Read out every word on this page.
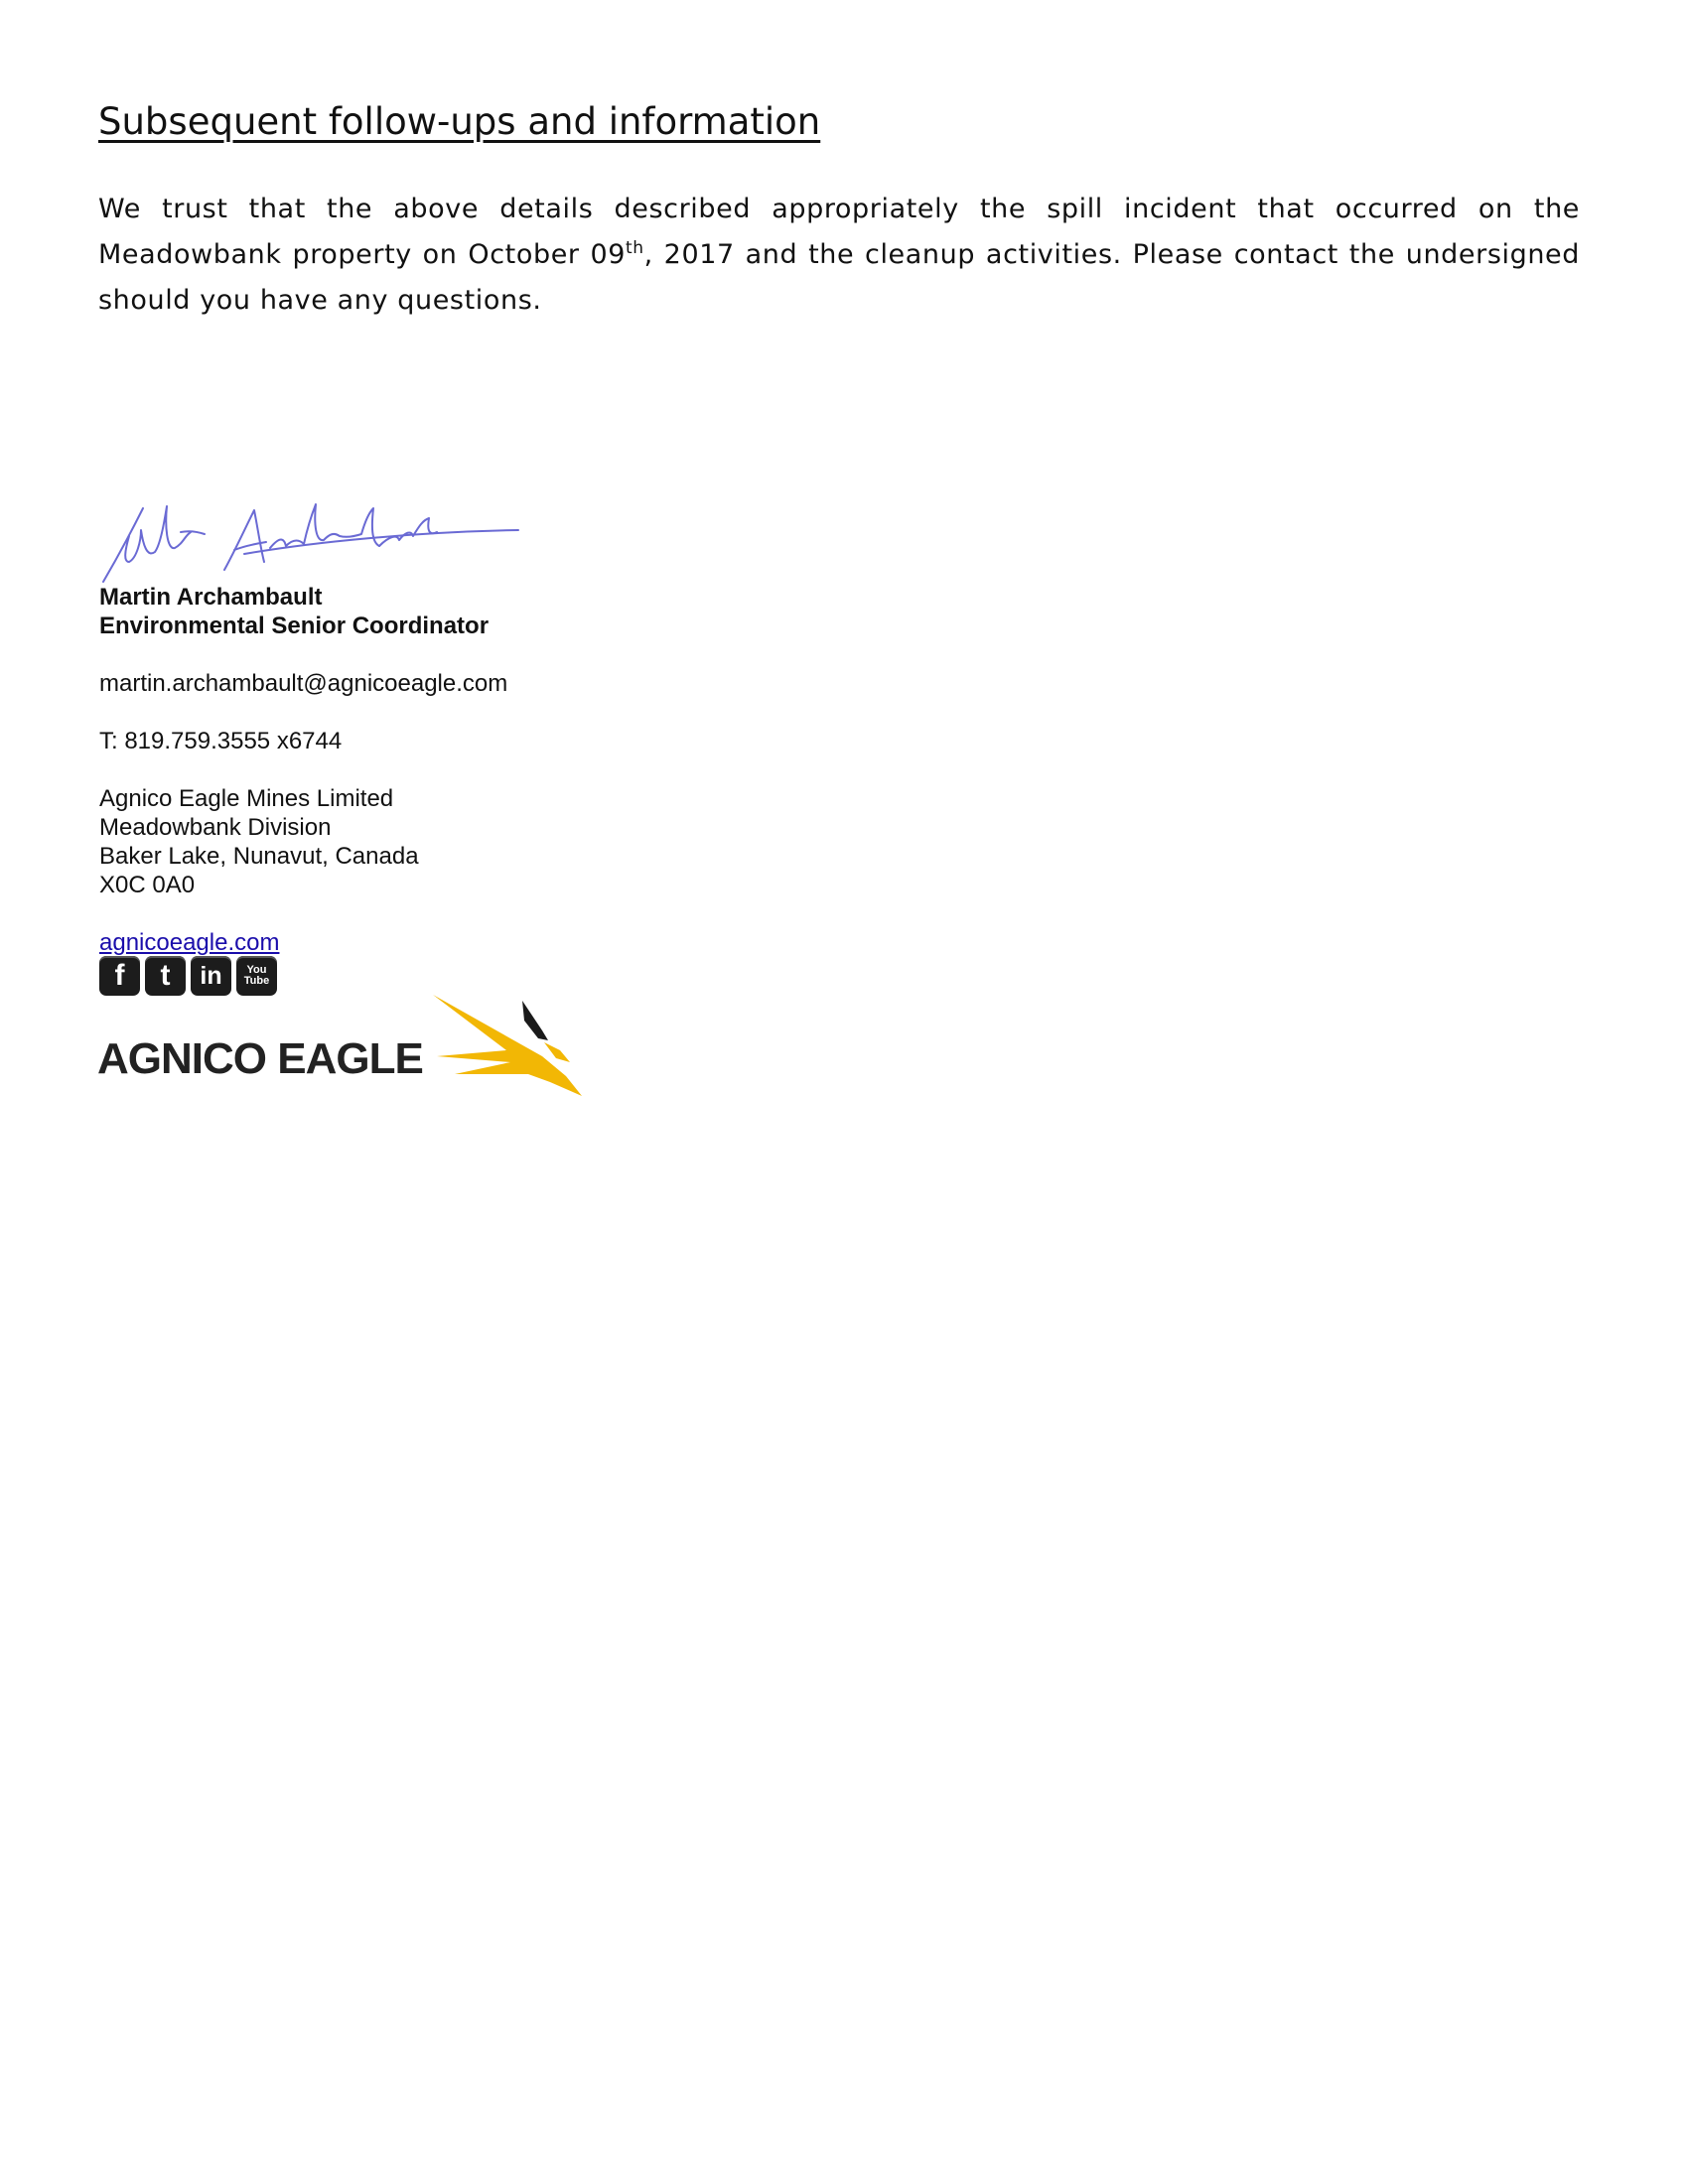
Subsequent follow-ups and information

We trust that the above details described appropriately the spill incident that occurred on the Meadowbank property on October 09th, 2017 and the cleanup activities. Please contact the undersigned should you have any questions.

Martin Archambault
Environmental Senior Coordinator
martin.archambault@agnicoeagle.com
T: 819.759.3555 x6744
Agnico Eagle Mines Limited
Meadowbank Division
Baker Lake, Nunavut, Canada
X0C 0A0
agnicoeagle.com
f	t	in	You
Tube
AGNICO EAGLE
